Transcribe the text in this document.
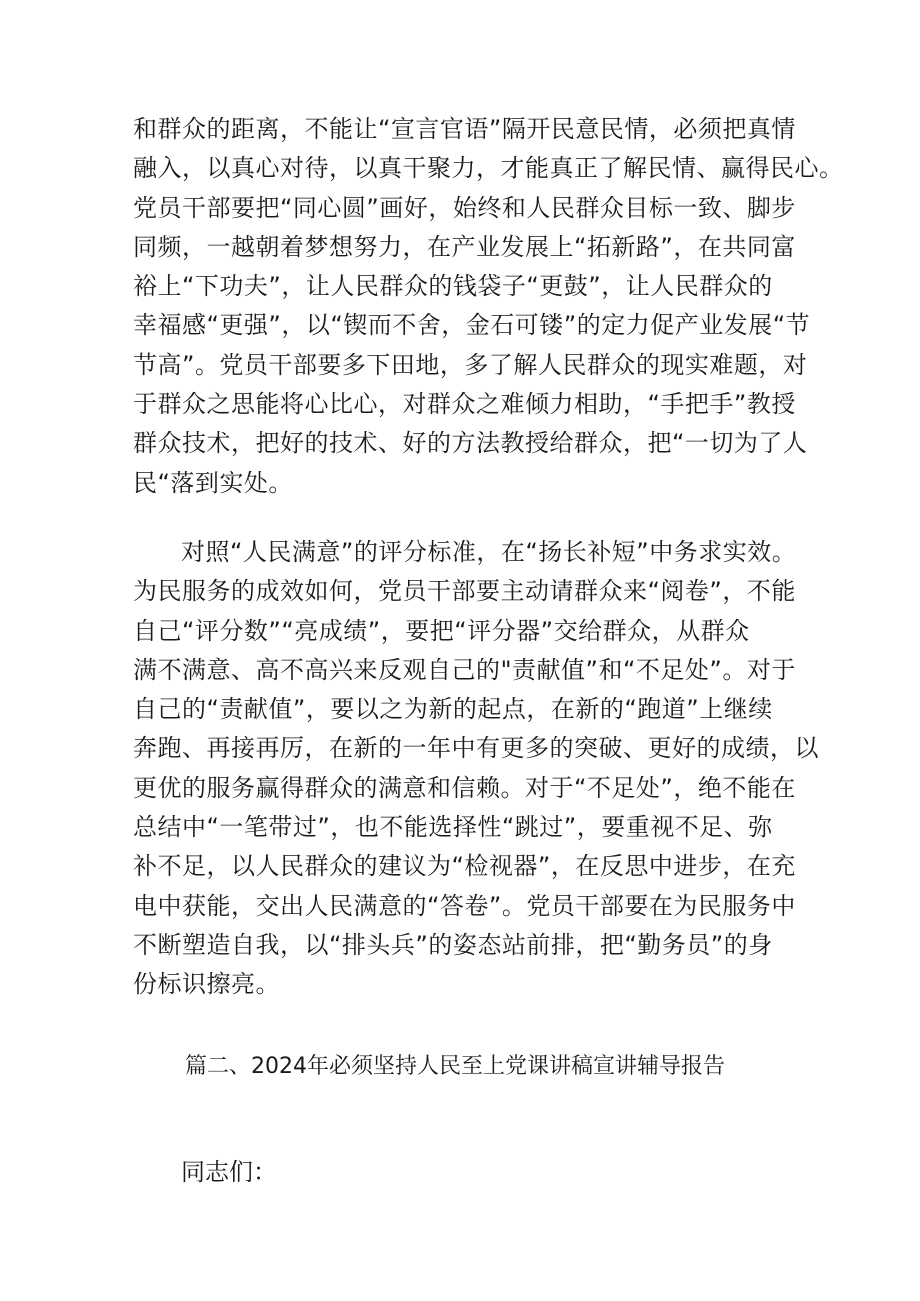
和群众的距离，不能让“宣言官语”隔开民意民情，必须把真情
融入，以真心对待，以真干聚力，才能真正了解民情、赢得民心。
党员干部要把“同心圆”画好，始终和人民群众目标一致、脚步
同频，一越朝着梦想努力，在产业发展上“拓新路”，在共同富
裕上“下功夫”，让人民群众的钱袋子“更鼓”，让人民群众的
幸福感“更强”，以“锲而不舍，金石可镂”的定力促产业发展“节
节高”。党员干部要多下田地，多了解人民群众的现实难题，对
于群众之思能将心比心，对群众之难倾力相助，“手把手”教授
群众技术，把好的技术、好的方法教授给群众，把“一切为了人
民“落到实处。
对照“人民满意”的评分标准，在“扬长补短”中务求实效。
为民服务的成效如何，党员干部要主动请群众来“阅卷”，不能
自己“评分数”“亮成绩”，要把“评分器”交给群众，从群众
满不满意、高不高兴来反观自己的"责献值”和“不足处”。对于
自己的“责献值”，要以之为新的起点，在新的“跑道”上继续
奔跑、再接再厉，在新的一年中有更多的突破、更好的成绩，以
更优的服务赢得群众的满意和信赖。对于“不足处”，绝不能在
总结中“一笔带过”，也不能选择性“跳过”，要重视不足、弥
补不足，以人民群众的建议为“检视器”，在反思中进步，在充
电中获能，交出人民满意的“答卷”。党员干部要在为民服务中
不断塑造自我，以“排头兵”的姿态站前排，把“勤务员”的身
份标识擦亮。
篇二、2024年必须坚持人民至上党课讲稿宣讲辅导报告
同志们：
